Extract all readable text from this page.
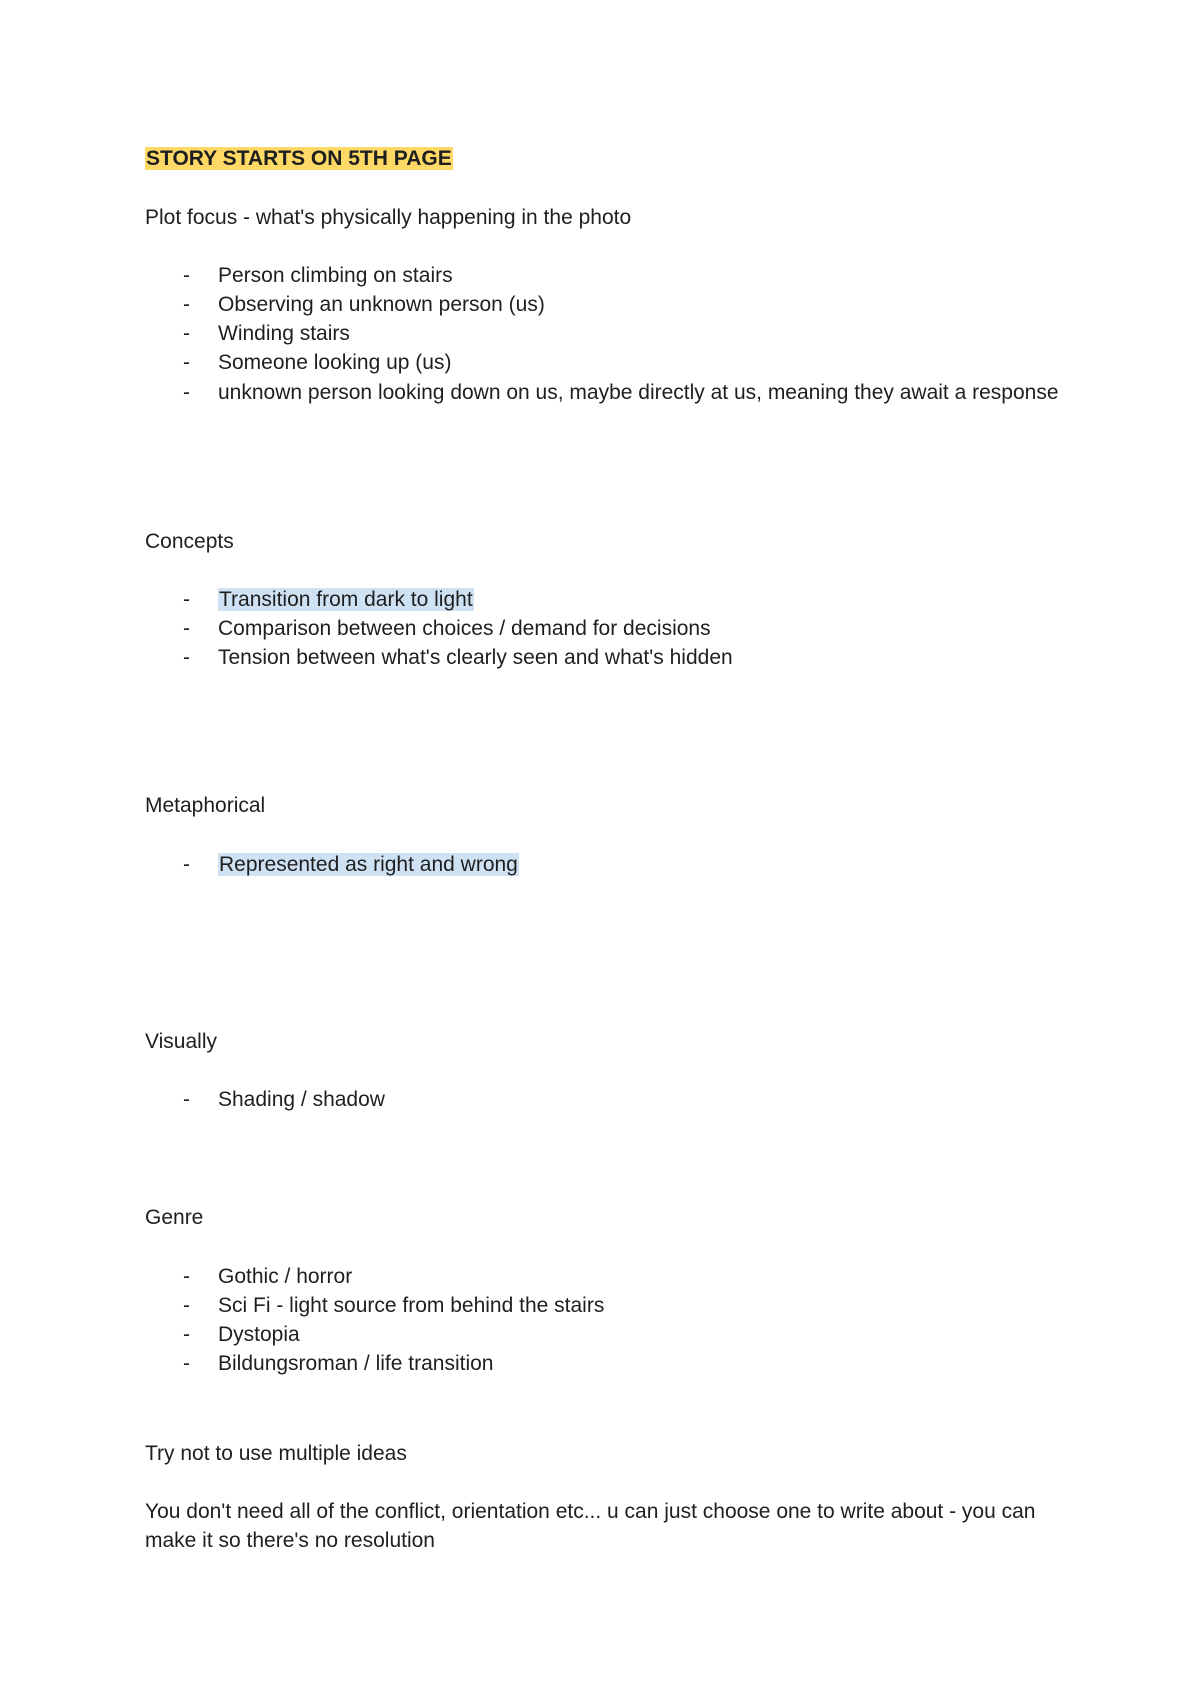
STORY STARTS ON 5TH PAGE
Plot focus - what's physically happening in the photo
- Person climbing on stairs
- Observing an unknown person (us)
- Winding stairs
- Someone looking up (us)
- unknown person looking down on us, maybe directly at us, meaning they await a response
Concepts
- Transition from dark to light
- Comparison between choices / demand for decisions
- Tension between what's clearly seen and what's hidden
Metaphorical
- Represented as right and wrong
Visually
- Shading / shadow
Genre
- Gothic / horror
- Sci Fi - light source from behind the stairs
- Dystopia
- Bildungsroman / life transition
Try not to use multiple ideas
You don't need all of the conflict, orientation etc... u can just choose one to write about - you can make it so there's no resolution
